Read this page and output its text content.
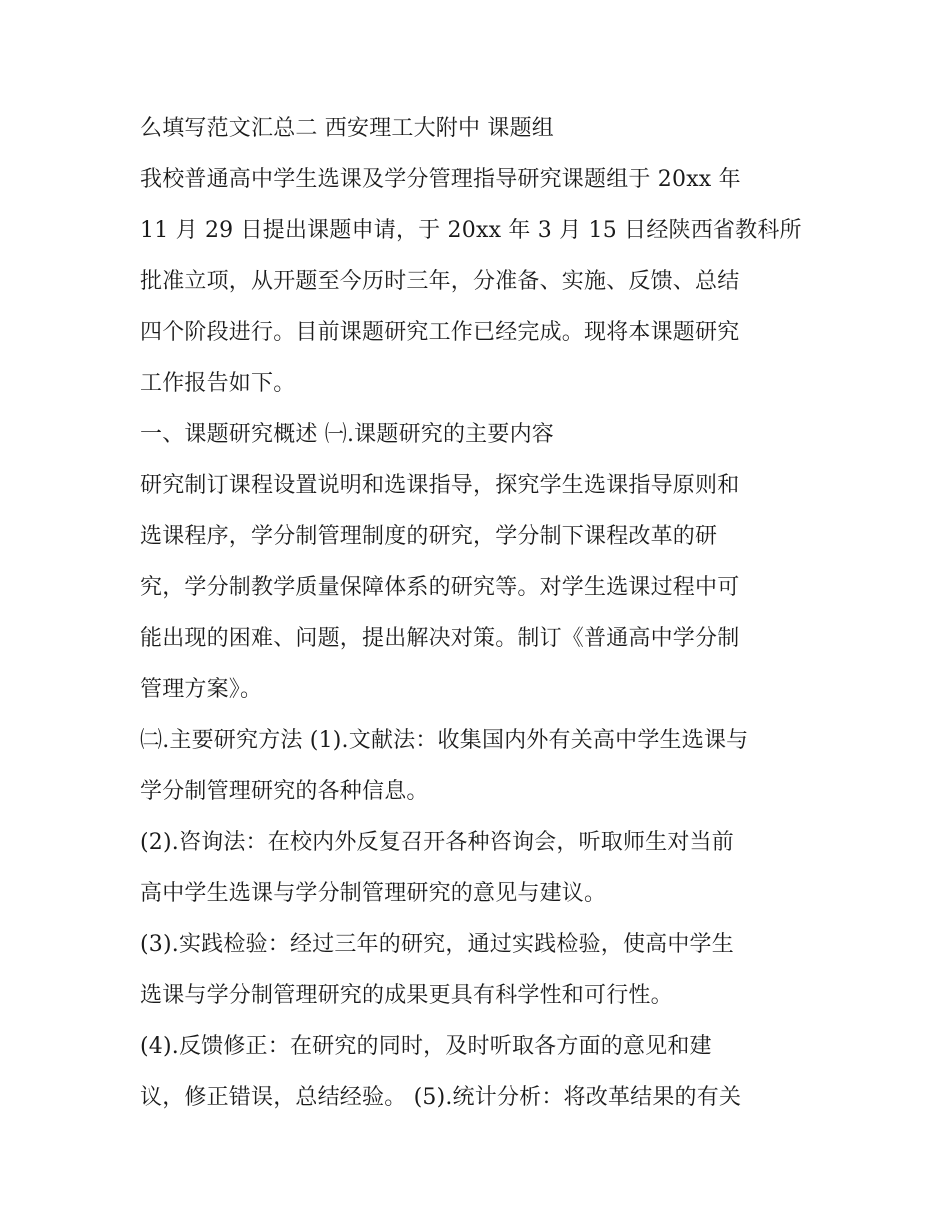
么填写范文汇总二 西安理工大附中 课题组
我校普通高中学生选课及学分管理指导研究课题组于 20xx 年
11 月 29 日提出课题申请，于 20xx 年 3 月 15 日经陕西省教科所
批准立项，从开题至今历时三年，分准备、实施、反馈、总结
四个阶段进行。目前课题研究工作已经完成。现将本课题研究
工作报告如下。
一、课题研究概述 ㈠.课题研究的主要内容
研究制订课程设置说明和选课指导，探究学生选课指导原则和
选课程序，学分制管理制度的研究，学分制下课程改革的研
究，学分制教学质量保障体系的研究等。对学生选课过程中可
能出现的困难、问题，提出解决对策。制订《普通高中学分制
管理方案》。
㈡.主要研究方法 (1).文献法：收集国内外有关高中学生选课与
学分制管理研究的各种信息。
(2).咨询法：在校内外反复召开各种咨询会，听取师生对当前
高中学生选课与学分制管理研究的意见与建议。
(3).实践检验：经过三年的研究，通过实践检验，使高中学生
选课与学分制管理研究的成果更具有科学性和可行性。
(4).反馈修正：在研究的同时，及时听取各方面的意见和建
议，修正错误，总结经验。 (5).统计分析：将改革结果的有关
